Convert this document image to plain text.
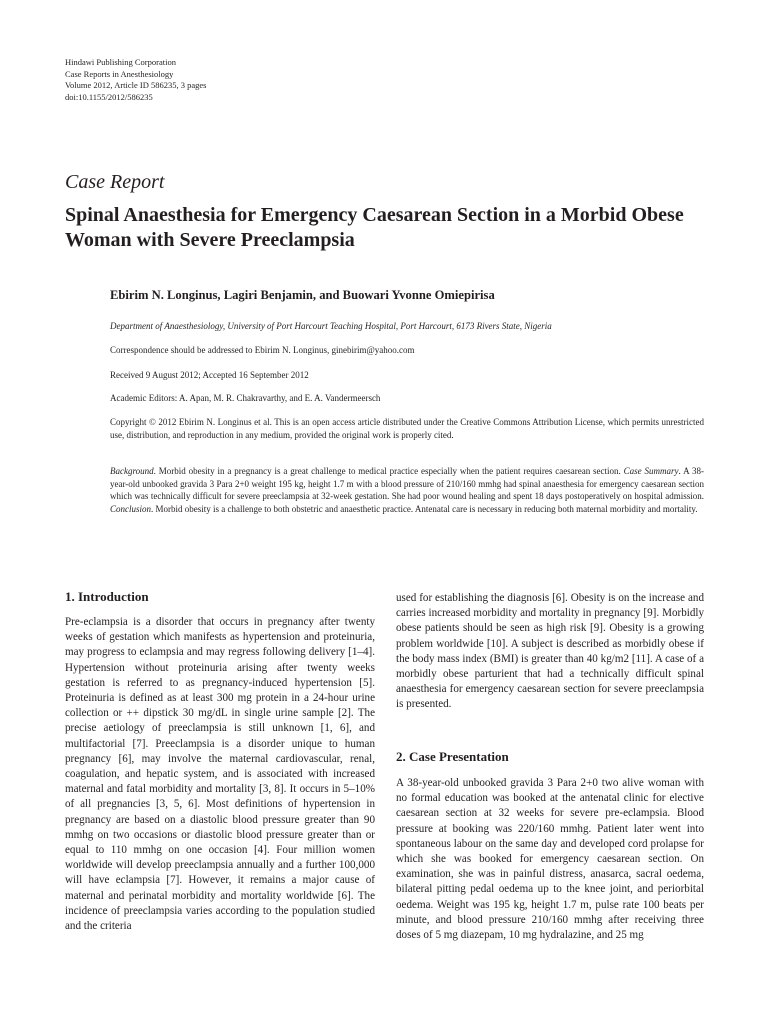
Hindawi Publishing Corporation
Case Reports in Anesthesiology
Volume 2012, Article ID 586235, 3 pages
doi:10.1155/2012/586235
Case Report
Spinal Anaesthesia for Emergency Caesarean Section in a Morbid Obese Woman with Severe Preeclampsia
Ebirim N. Longinus, Lagiri Benjamin, and Buowari Yvonne Omiepirisa
Department of Anaesthesiology, University of Port Harcourt Teaching Hospital, Port Harcourt, 6173 Rivers State, Nigeria
Correspondence should be addressed to Ebirim N. Longinus, ginebirim@yahoo.com
Received 9 August 2012; Accepted 16 September 2012
Academic Editors: A. Apan, M. R. Chakravarthy, and E. A. Vandermeersch
Copyright © 2012 Ebirim N. Longinus et al. This is an open access article distributed under the Creative Commons Attribution License, which permits unrestricted use, distribution, and reproduction in any medium, provided the original work is properly cited.
Background. Morbid obesity in a pregnancy is a great challenge to medical practice especially when the patient requires caesarean section. Case Summary. A 38-year-old unbooked gravida 3 Para 2+0 weight 195 kg, height 1.7 m with a blood pressure of 210/160 mmhg had spinal anaesthesia for emergency caesarean section which was technically difficult for severe preeclampsia at 32-week gestation. She had poor wound healing and spent 18 days postoperatively on hospital admission. Conclusion. Morbid obesity is a challenge to both obstetric and anaesthetic practice. Antenatal care is necessary in reducing both maternal morbidity and mortality.
1. Introduction

Pre-eclampsia is a disorder that occurs in pregnancy after twenty weeks of gestation which manifests as hypertension and proteinuria, may progress to eclampsia and may regress following delivery [1–4]. Hypertension without proteinuria arising after twenty weeks gestation is referred to as pregnancy-induced hypertension [5]. Proteinuria is defined as at least 300 mg protein in a 24-hour urine collection or ++ dipstick 30 mg/dL in single urine sample [2]. The precise aetiology of preeclampsia is still unknown [1, 6], and multifactorial [7]. Preeclampsia is a disorder unique to human pregnancy [6], may involve the maternal cardiovascular, renal, coagulation, and hepatic system, and is associated with increased maternal and fatal morbidity and mortality [3, 8]. It occurs in 5–10% of all pregnancies [3, 5, 6]. Most definitions of hypertension in pregnancy are based on a diastolic blood pressure greater than 90 mmhg on two occasions or diastolic blood pressure greater than or equal to 110 mmhg on one occasion [4]. Four million women worldwide will develop preeclampsia annually and a further 100,000 will have eclampsia [7]. However, it remains a major cause of maternal and perinatal morbidity and mortality worldwide [6]. The incidence of preeclampsia varies according to the population studied and the criteria

used for establishing the diagnosis [6]. Obesity is on the increase and carries increased morbidity and mortality in pregnancy [9]. Morbidly obese patients should be seen as high risk [9]. Obesity is a growing problem worldwide [10]. A subject is described as morbidly obese if the body mass index (BMI) is greater than 40 kg/m2 [11]. A case of a morbidly obese parturient that had a technically difficult spinal anaesthesia for emergency caesarean section for severe preeclampsia is presented.

2. Case Presentation

A 38-year-old unbooked gravida 3 Para 2+0 two alive woman with no formal education was booked at the antenatal clinic for elective caesarean section at 32 weeks for severe pre-eclampsia. Blood pressure at booking was 220/160 mmhg. Patient later went into spontaneous labour on the same day and developed cord prolapse for which she was booked for emergency caesarean section. On examination, she was in painful distress, anasarca, sacral oedema, bilateral pitting pedal oedema up to the knee joint, and periorbital oedema. Weight was 195 kg, height 1.7 m, pulse rate 100 beats per minute, and blood pressure 210/160 mmhg after receiving three doses of 5 mg diazepam, 10 mg hydralazine, and 25 mg
